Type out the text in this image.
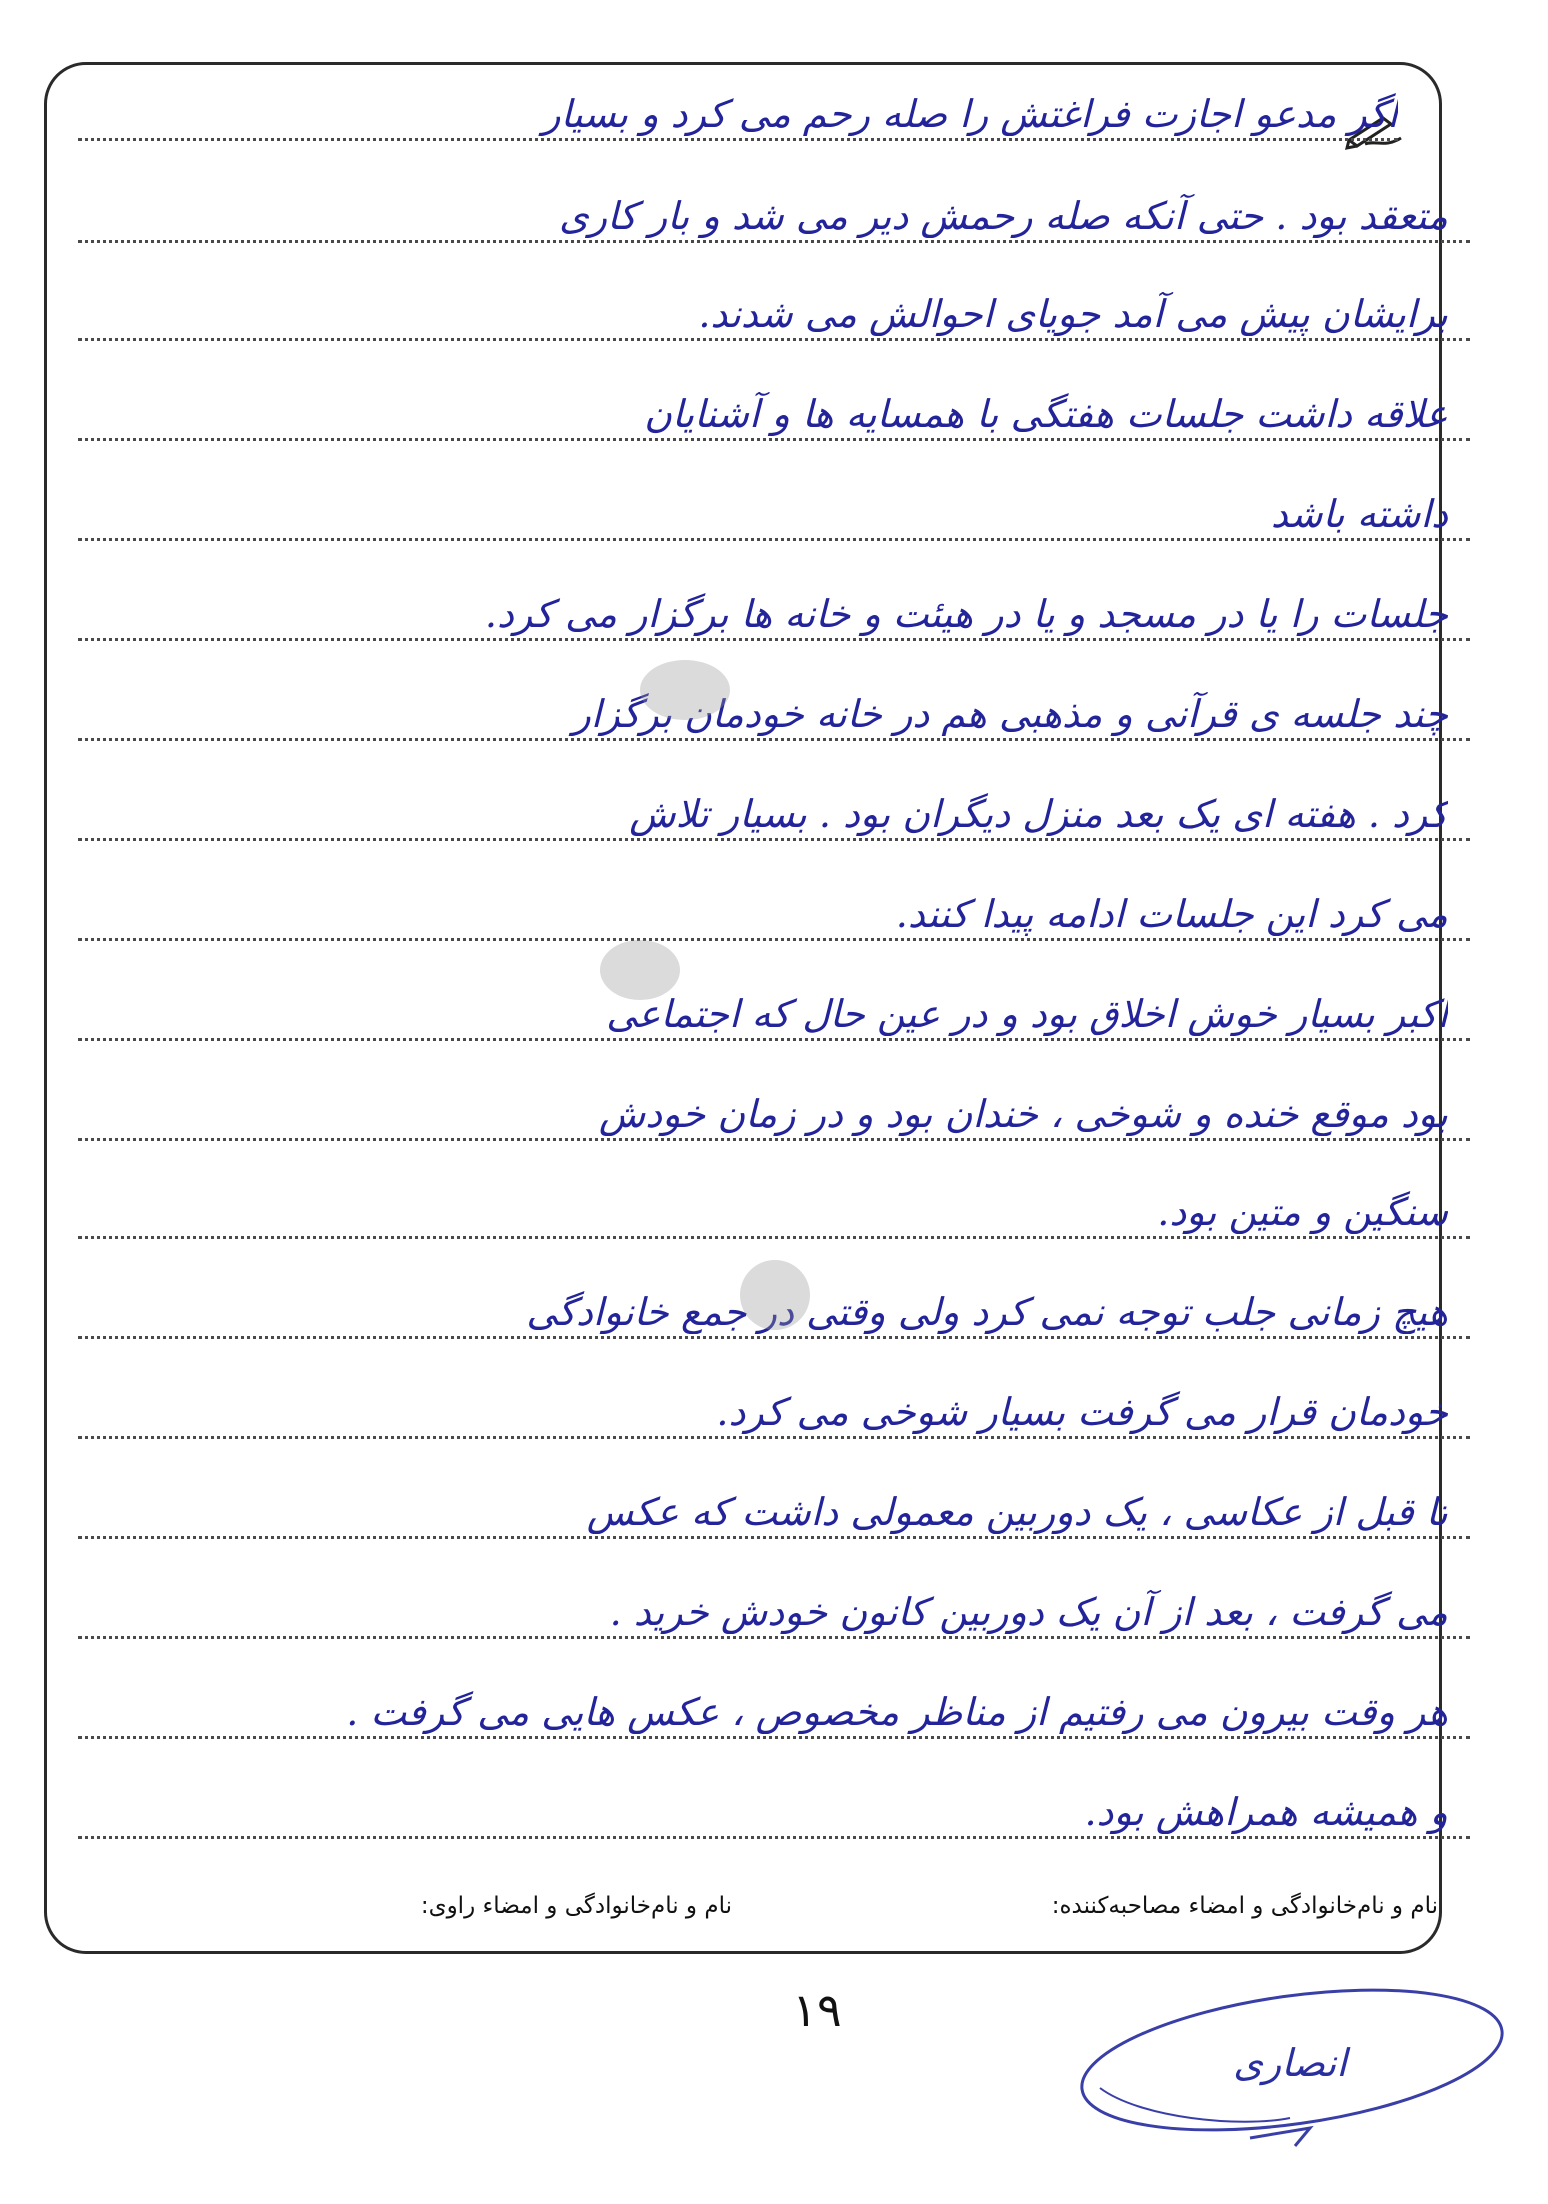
اگر مدعو اجازت فراغتش را صله رحم می کرد و بسیار
متعقد بود . حتی آنکه صله رحمش دیر می شد و بار کاری
برایشان پیش می آمد جویای احوالش می شدند.
علاقه داشت جلسات هفتگی با همسایه ها و آشنایان
داشته باشد
جلسات را یا در مسجد و یا در هیئت و خانه ها برگزار می کرد.
چند جلسه ی قرآنی و مذهبی هم در خانه خودمان برگزار
کرد . هفته ای یک بعد منزل دیگران بود . بسیار تلاش
می کرد این جلسات ادامه پیدا کنند.
اکبر بسیار خوش اخلاق بود و در عین حال که اجتماعی
بود موقع خنده و شوخی ، خندان بود و در زمان خودش
سنگین و متین بود.
هیچ زمانی جلب توجه نمی کرد ولی وقتی در جمع خانوادگی
خودمان قرار می گرفت بسیار شوخی می کرد.
تا قبل از عکاسی ، یک دوربین معمولی داشت که عکس
می گرفت ، بعد از آن یک دوربین کانون خودش خرید .
هر وقت بیرون می رفتیم از مناظر مخصوص ، عکس هایی می گرفت .
و همیشه همراهش بود.
نام و نام‌خانوادگی و امضاء مصاحبه‌کننده:
نام و نام‌خانوادگی و امضاء راوی:
١٩
انصاری
